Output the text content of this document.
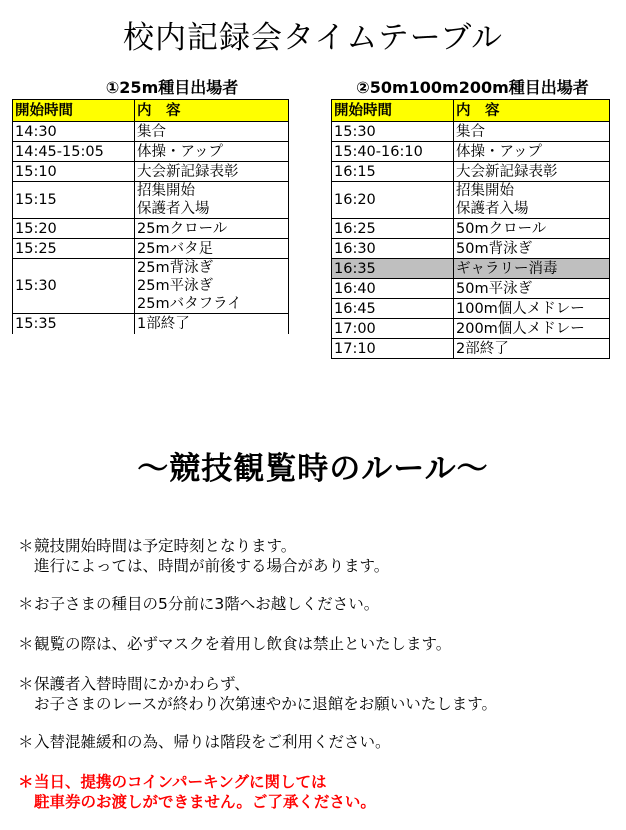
校内記録会タイムテーブル
①25m種目出場者	②50m100m200m種目出場者
開始時間	内　容
14:30	集合

14:45-15:05	体操・アップ

15:10	大会新記録表彰

15:15	招集開始
保護者入場

15:20	25mクロール

15:25	25mバタ足

15:30	25m背泳ぎ
25m平泳ぎ
25mバタフライ

15:35	1部終了
開始時間	内　容
15:30	集合

15:40-16:10	体操・アップ

16:15	大会新記録表彰

16:20	招集開始
保護者入場

16:25	50mクロール

16:30	50m背泳ぎ

16:35	ギャラリー消毒

16:40	50m平泳ぎ

16:45	100m個人メドレー

17:00	200m個人メドレー

17:10	2部終了
～競技観覧時のルール～
＊競技開始時間は予定時刻となります。
進行によっては、時間が前後する場合があります。
＊お子さまの種目の5分前に3階へお越しください。
＊観覧の際は、必ずマスクを着用し飲食は禁止といたします。
＊保護者入替時間にかかわらず、
お子さまのレースが終わり次第速やかに退館をお願いいたします。
＊入替混雑緩和の為、帰りは階段をご利用ください。
＊当日、提携のコインパーキングに関しては
駐車券のお渡しができません。ご了承ください。
